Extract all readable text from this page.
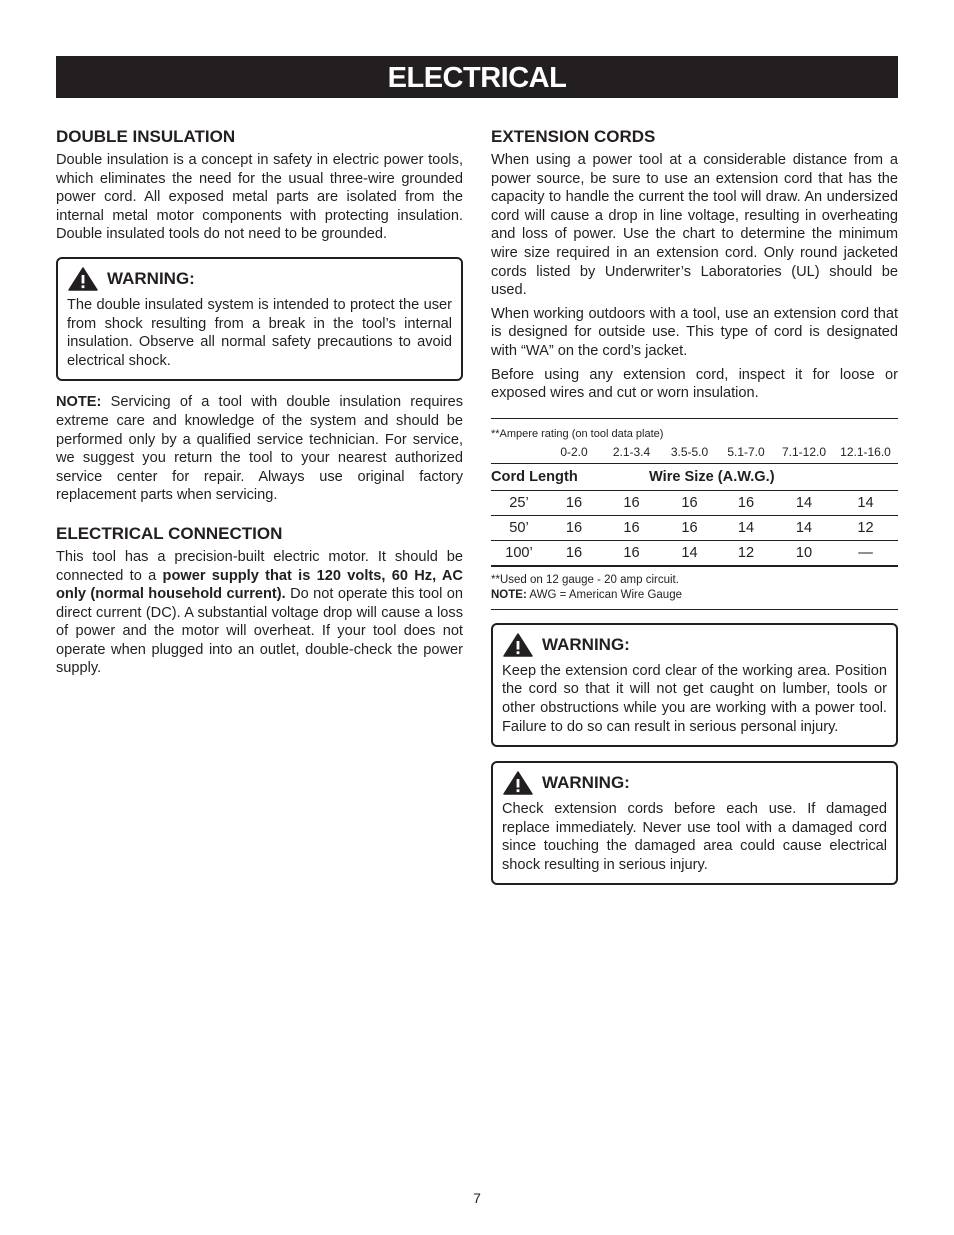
ELECTRICAL
DOUBLE INSULATION

Double insulation is a concept in safety in electric power tools, which eliminates the need for the usual three-wire grounded power cord. All exposed metal parts are isolated from the internal metal motor components with protecting insulation. Double insulated tools do not need to be grounded.

WARNING:

The double insulated system is intended to protect the user from shock resulting from a break in the tool’s internal insulation. Observe all normal safety precautions to avoid electrical shock.

NOTE: Servicing of a tool with double insulation requires extreme care and knowledge of the system and should be performed only by a qualified service technician. For service, we suggest you return the tool to your nearest authorized service center for repair. Always use original factory replacement parts when servicing.

ELECTRICAL CONNECTION

This tool has a precision-built electric motor. It should be connected to a power supply that is 120 volts, 60 Hz, AC only (normal household current). Do not operate this tool on direct current (DC). A substantial voltage drop will cause a loss of power and the motor will overheat. If your tool does not operate when plugged into an outlet, double-check the power supply.

EXTENSION CORDS

When using a power tool at a considerable distance from a power source, be sure to use an extension cord that has the capacity to handle the current the tool will draw. An undersized cord will cause a drop in line voltage, resulting in overheating and loss of power. Use the chart to determine the minimum wire size required in an extension cord. Only round jacketed cords listed by Underwriter’s Laboratories (UL) should be used.

When working outdoors with a tool, use an extension cord that is designed for outside use. This type of cord is designated with “WA” on the cord’s jacket.

Before using any extension cord, inspect it for loose or exposed wires and cut or worn insulation.

**Ampere rating (on tool data plate)
0-2.0	2.1-3.4	3.5-5.0	5.1-7.0	7.1-12.0	12.1-16.0
Cord Length	Wire Size (A.W.G.)
25’	16	16	16	16	14	14
50’	16	16	16	14	14	12
100’	16	16	14	12	10	—
**Used on 12 gauge - 20 amp circuit.
NOTE: AWG = American Wire Gauge
WARNING:

Keep the extension cord clear of the working area. Position the cord so that it will not get caught on lumber, tools or other obstructions while you are working with a power tool. Failure to do so can result in serious personal injury.

WARNING:

Check extension cords before each use. If damaged replace immediately. Never use tool with a damaged cord since touching the damaged area could cause electrical shock resulting in serious injury.

7
